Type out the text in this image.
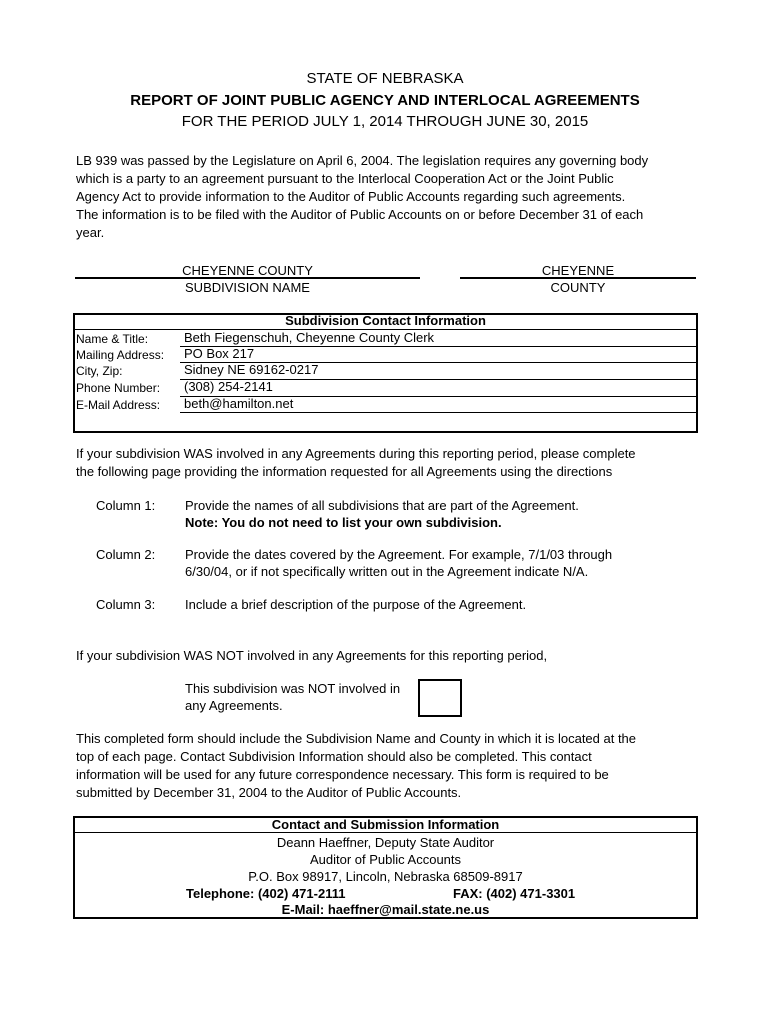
STATE OF NEBRASKA
REPORT OF JOINT PUBLIC AGENCY AND INTERLOCAL AGREEMENTS
FOR THE PERIOD JULY 1, 2014 THROUGH JUNE 30, 2015
LB 939 was passed by the Legislature on April 6, 2004. The legislation requires any governing body
which is a party to an agreement pursuant to the Interlocal Cooperation Act or the Joint Public
Agency Act to provide information to the Auditor of Public Accounts regarding such agreements.
The information is to be filed with the Auditor of Public Accounts on or before December 31 of each
year.
CHEYENNE COUNTY
SUBDIVISION NAME
CHEYENNE
COUNTY
Subdivision Contact Information
Name & Title:	Beth Fiegenschuh, Cheyenne County Clerk
Mailing Address: PO Box 217
City, Zip:	Sidney NE 69162-0217
Phone Number: (308) 254-2141
E-Mail Address: beth@hamilton.net
If your subdivision WAS involved in any Agreements during this reporting period, please complete
the following page providing the information requested for all Agreements using the directions
Column 1: Provide the names of all subdivisions that are part of the Agreement.
Note: You do not need to list your own subdivision.
Column 2: Provide the dates covered by the Agreement. For example, 7/1/03 through
6/30/04, or if not specifically written out in the Agreement indicate N/A.
Column 3: Include a brief description of the purpose of the Agreement.
If your subdivision WAS NOT involved in any Agreements for this reporting period,
This subdivision was NOT involved in
any Agreements.
This completed form should include the Subdivision Name and County in which it is located at the
top of each page. Contact Subdivision Information should also be completed. This contact
information will be used for any future correspondence necessary. This form is required to be
submitted by December 31, 2004 to the Auditor of Public Accounts.
Contact and Submission Information
Deann Haeffner, Deputy State Auditor
Auditor of Public Accounts
P.O. Box 98917, Lincoln, Nebraska 68509-8917
Telephone: (402) 471-2111	FAX: (402) 471-3301
E-Mail: haeffner@mail.state.ne.us
